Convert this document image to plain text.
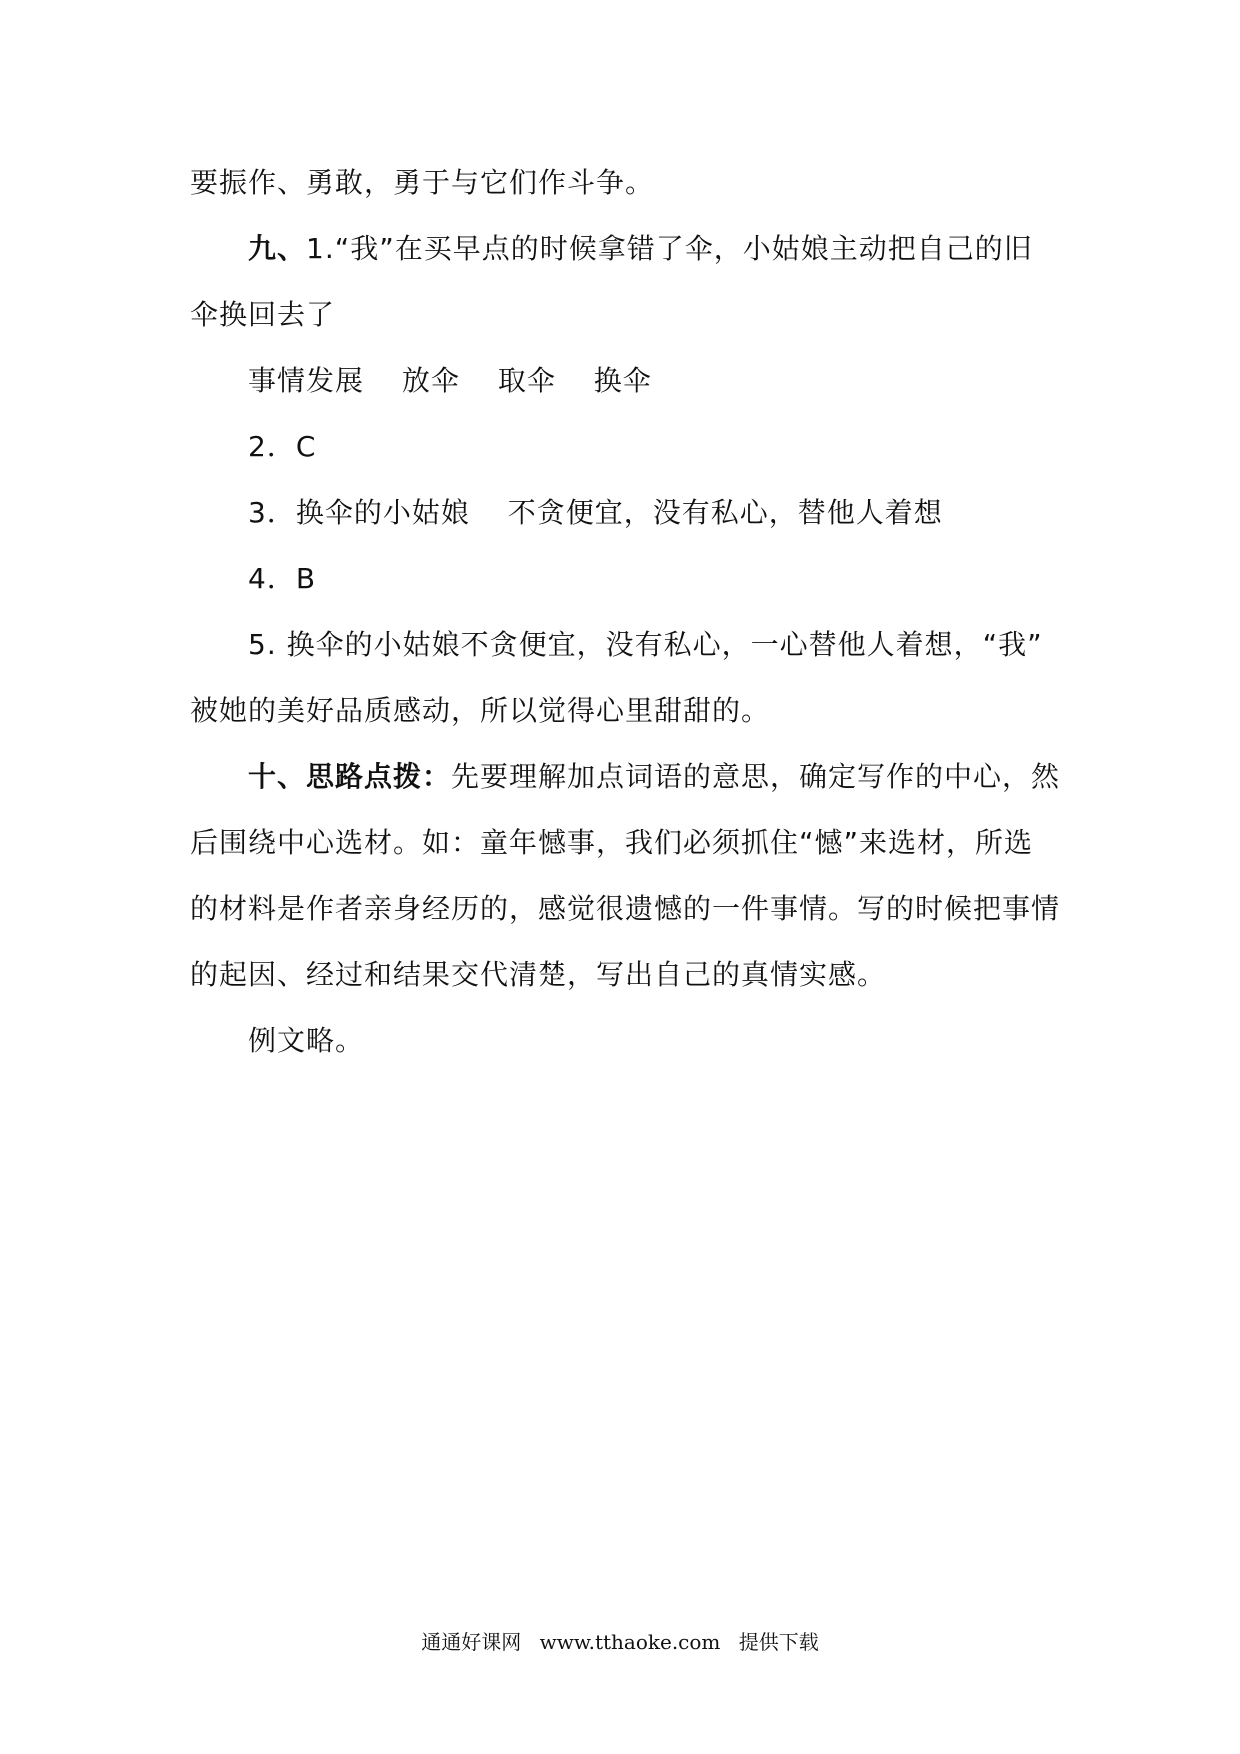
要振作、勇敢，勇于与它们作斗争。
九、1.“我”在买早点的时候拿错了伞，小姑娘主动把自己的旧
伞换回去了
事情发展 放伞 取伞 换伞
2．C
3．换伞的小姑娘 不贪便宜，没有私心，替他人着想
4．B
5. 换伞的小姑娘不贪便宜，没有私心，一心替他人着想，“我”
被她的美好品质感动，所以觉得心里甜甜的。
十、思路点拨：先要理解加点词语的意思，确定写作的中心，然
后围绕中心选材。如：童年憾事，我们必须抓住“憾”来选材，所选
的材料是作者亲身经历的，感觉很遗憾的一件事情。写的时候把事情
的起因、经过和结果交代清楚，写出自己的真情实感。
例文略。
通通好课网 www.tthaoke.com 提供下载
